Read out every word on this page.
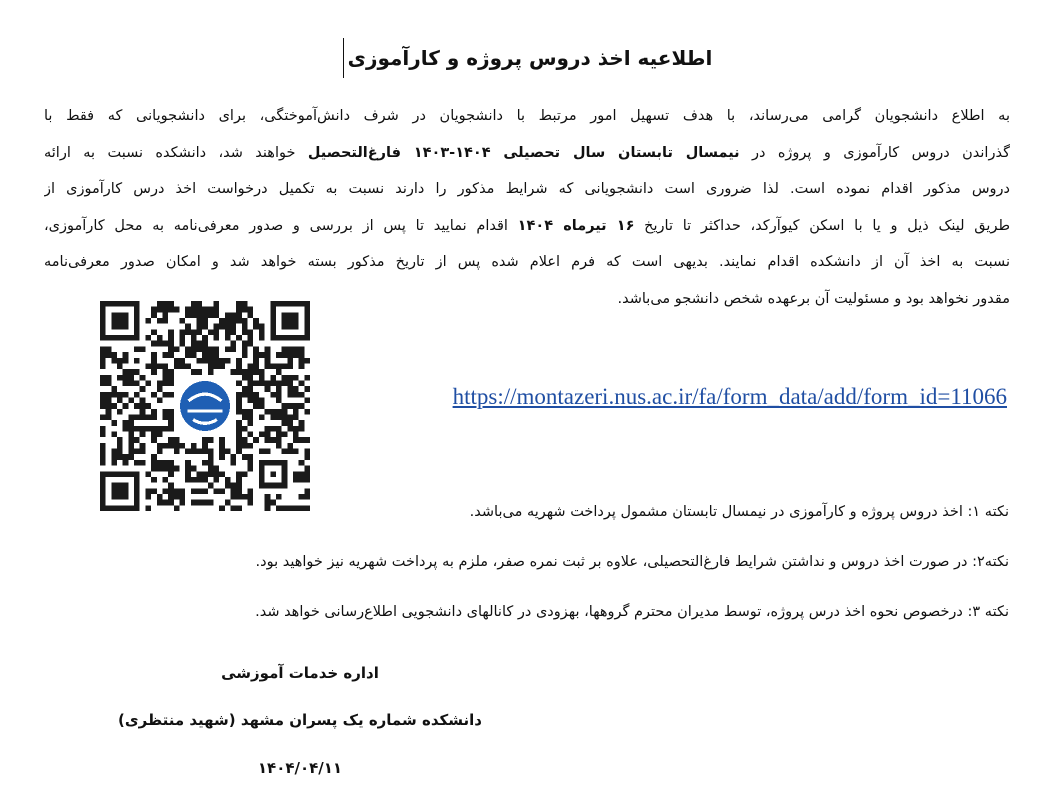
اطلاعیه اخذ دروس پروژه و کارآموزی
به اطلاع دانشجویان گرامی می‌رساند، با هدف تسهیل امور مرتبط با دانشجویان در شرف دانش‌آموختگی، برای دانشجویانی که فقط با
گذراندن دروس کارآموزی و پروژه در نیمسال تابستان سال تحصیلی ۱۴۰۴-۱۴۰۳ فارغ‌التحصیل خواهند شد، دانشکده نسبت به ارائه
دروس مذکور اقدام نموده است. لذا ضروری است دانشجویانی که شرایط مذکور را دارند نسبت به تکمیل درخواست اخذ درس کارآموزی از
طریق لینک ذیل و یا با اسکن کیوآرکد، حداکثر تا تاریخ ۱۶ تیرماه ۱۴۰۴ اقدام نمایید تا پس از بررسی و صدور معرفی‌نامه به محل کارآموزی،
نسبت به اخذ آن از دانشکده اقدام نمایند. بدیهی است که فرم اعلام شده پس از تاریخ مذکور بسته خواهد شد و امکان صدور معرفی‌نامه
مقدور نخواهد بود و مسئولیت آن برعهده شخص دانشجو می‌باشد.
https://montazeri.nus.ac.ir/fa/form_data/add/form_id=11066
نکته ۱: اخذ دروس پروژه و کارآموزی در نیمسال تابستان مشمول پرداخت شهریه می‌باشد.
نکته۲: در صورت اخذ دروس و نداشتن شرایط فارغ‌التحصیلی، علاوه بر ثبت نمره صفر، ملزم به پرداخت شهریه نیز خواهید بود.
نکته ۳: درخصوص نحوه اخذ درس پروژه، توسط مدیران محترم گروهها، بهزودی در کانالهای دانشجویی اطلاع‌رسانی خواهد شد.
اداره خدمات آموزشی
دانشکده شماره یک پسران مشهد (شهید منتظری)
۱۴۰۴/۰۴/۱۱
